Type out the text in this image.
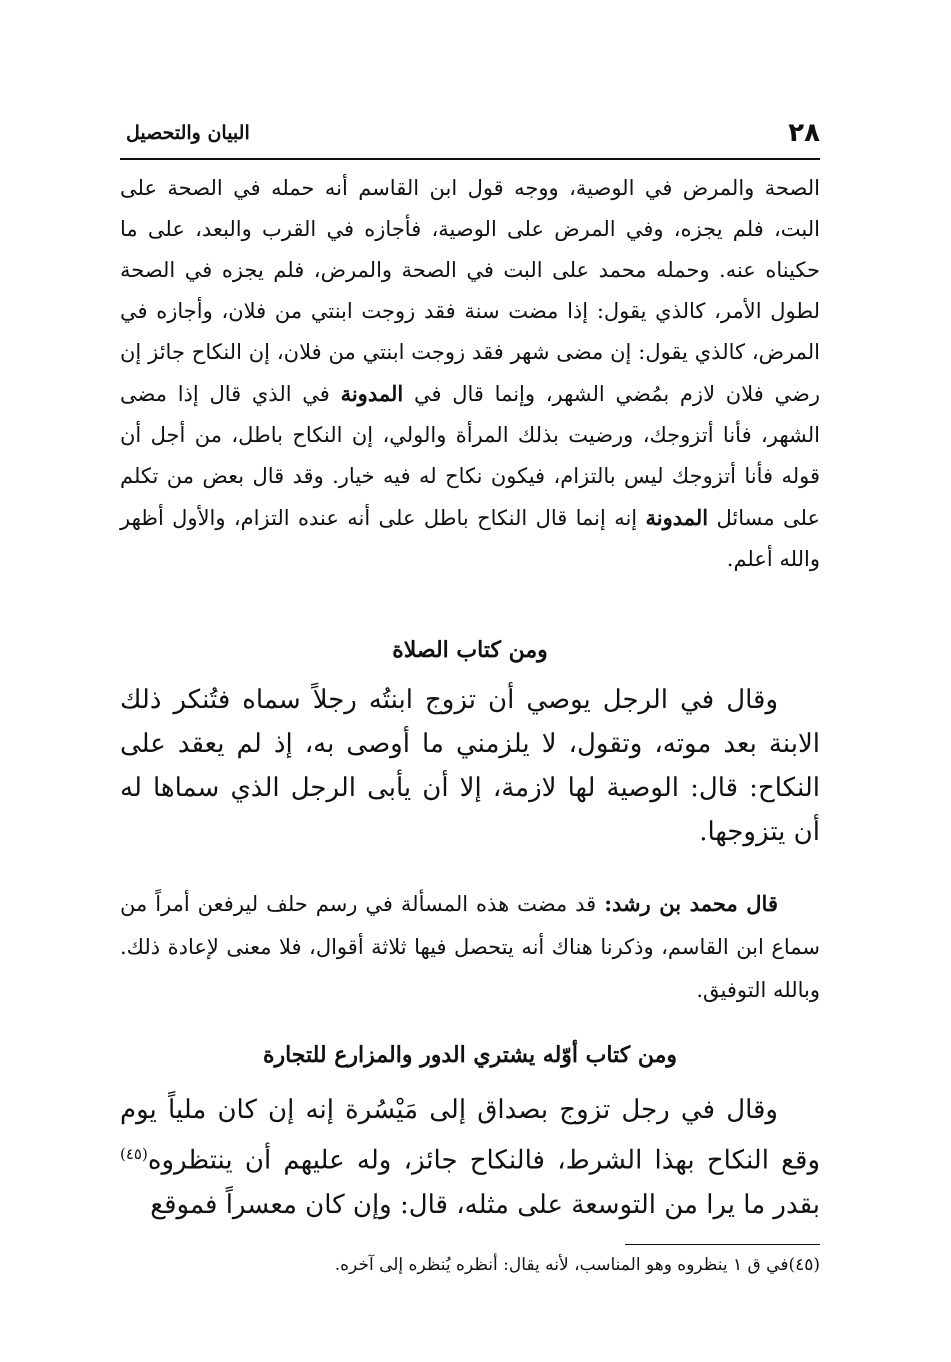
٢٨
البيان والتحصيل

الصحة والمرض في الوصية، ووجه قول ابن القاسم أنه حمله في الصحة على البت، فلم يجزه، وفي المرض على الوصية، فأجازه في القرب والبعد، على ما حكيناه عنه. وحمله محمد على البت في الصحة والمرض، فلم يجزه في الصحة لطول الأمر، كالذي يقول: إذا مضت سنة فقد زوجت ابنتي من فلان، وأجازه في المرض، كالذي يقول: إن مضى شهر فقد زوجت ابنتي من فلان، إن النكاح جائز إن رضي فلان لازم بمُضي الشهر، وإنما قال في المدونة في الذي قال إذا مضى الشهر، فأنا أتزوجك، ورضيت بذلك المرأة والولي، إن النكاح باطل، من أجل أن قوله فأنا أتزوجك ليس بالتزام، فيكون نكاح له فيه خيار. وقد قال بعض من تكلم على مسائل المدونة إنه إنما قال النكاح باطل على أنه عنده التزام، والأول أظهر والله أعلم.

ومن كتاب الصلاة

وقال في الرجل يوصي أن تزوج ابنتُه رجلاً سماه فتُنكر ذلك الابنة بعد موته، وتقول، لا يلزمني ما أوصى به، إذ لم يعقد على النكاح: قال: الوصية لها لازمة، إلا أن يأبى الرجل الذي سماها له أن يتزوجها.

قال محمد بن رشد: قد مضت هذه المسألة في رسم حلف ليرفعن أمراً من سماع ابن القاسم، وذكرنا هناك أنه يتحصل فيها ثلاثة أقوال، فلا معنى لإعادة ذلك. وبالله التوفيق.

ومن كتاب أوّله يشتري الدور والمزارع للتجارة

وقال في رجل تزوج بصداق إلى مَيْسُرة إنه إن كان ملياً يوم وقع النكاح بهذا الشرط، فالنكاح جائز، وله عليهم أن ينتظروه$^{(٤٥)}$ بقدر ما يرا من التوسعة على مثله، قال: وإن كان معسراً فموقع

(٤٥)في ق ١ ينظروه وهو المناسب، لأنه يقال: أنظره يُنظره إلى آخره.
